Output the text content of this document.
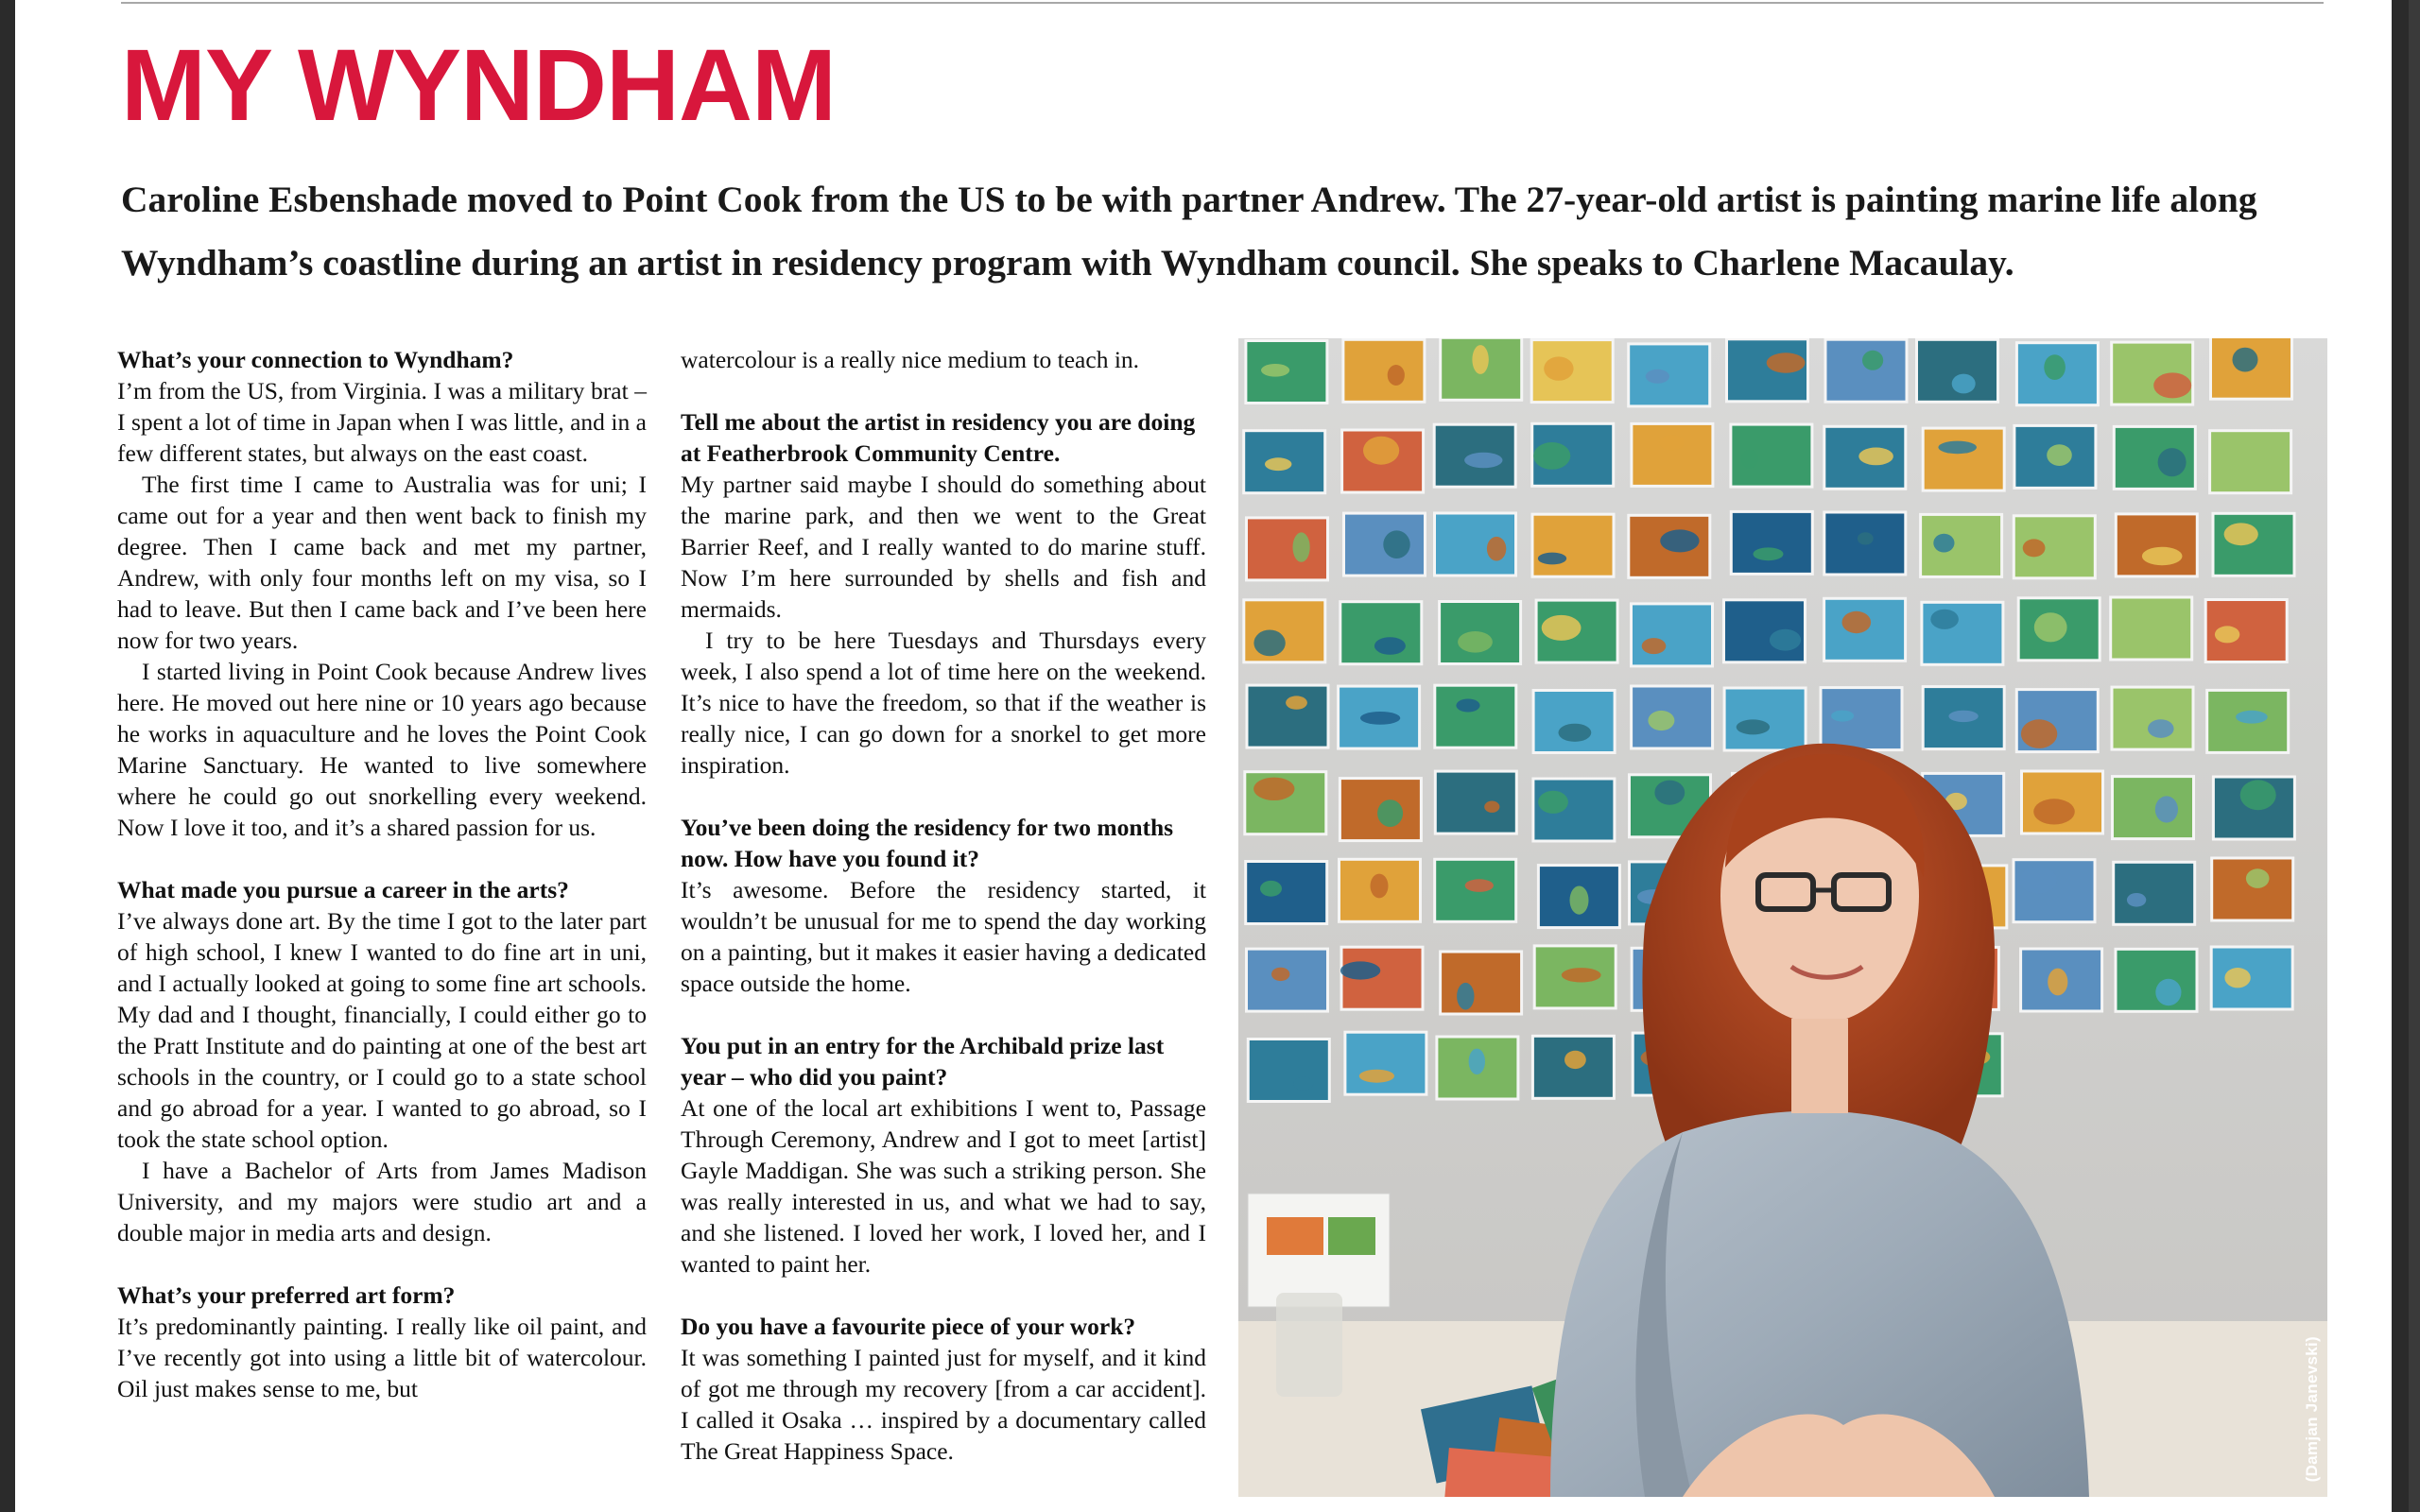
MY WYNDHAM

Caroline Esbenshade moved to Point Cook from the US to be with partner Andrew. The 27-year-old artist is painting marine life along Wyndham’s coastline during an artist in residency program with Wyndham council. She speaks to Charlene Macaulay.

What’s your connection to Wyndham?

I’m from the US, from Virginia. I was a military brat – I spent a lot of time in Japan when I was little, and in a few different states, but always on the east coast.

The first time I came to Australia was for uni; I came out for a year and then went back to finish my degree. Then I came back and met my partner, Andrew, with only four months left on my visa, so I had to leave. But then I came back and I’ve been here now for two years.

I started living in Point Cook because Andrew lives here. He moved out here nine or 10 years ago because he works in aquaculture and he loves the Point Cook Marine Sanctuary. He wanted to live somewhere where he could go out snorkelling every weekend. Now I love it too, and it’s a shared passion for us.

What made you pursue a career in the arts?

I’ve always done art. By the time I got to the later part of high school, I knew I wanted to do fine art in uni, and I actually looked at going to some fine art schools. My dad and I thought, financially, I could either go to the Pratt Institute and do painting at one of the best art schools in the country, or I could go to a state school and go abroad for a year. I wanted to go abroad, so I took the state school option.

I have a Bachelor of Arts from James Madison University, and my majors were studio art and a double major in media arts and design.

What’s your preferred art form?

It’s predominantly painting. I really like oil paint, and I’ve recently got into using a little bit of watercolour. Oil just makes sense to me, but

watercolour is a really nice medium to teach in.

Tell me about the artist in residency you are doing at Featherbrook Community Centre.

My partner said maybe I should do something about the marine park, and then we went to the Great Barrier Reef, and I really wanted to do marine stuff. Now I’m here surrounded by shells and fish and mermaids.

I try to be here Tuesdays and Thursdays every week, I also spend a lot of time here on the weekend. It’s nice to have the freedom, so that if the weather is really nice, I can go down for a snorkel to get more inspiration.

You’ve been doing the residency for two months now. How have you found it?

It’s awesome. Before the residency started, it wouldn’t be unusual for me to spend the day working on a painting, but it makes it easier having a dedicated space outside the home.

You put in an entry for the Archibald prize last year – who did you paint?

At one of the local art exhibitions I went to, Passage Through Ceremony, Andrew and I got to meet [artist] Gayle Maddigan. She was such a striking person. She was really interested in us, and what we had to say, and she listened. I loved her work, I loved her, and I wanted to paint her.

Do you have a favourite piece of your work?

It was something I painted just for myself, and it kind of got me through my recovery [from a car accident]. I called it Osaka … inspired by a documentary called The Great Happiness Space.	(Damjan Janevski)
